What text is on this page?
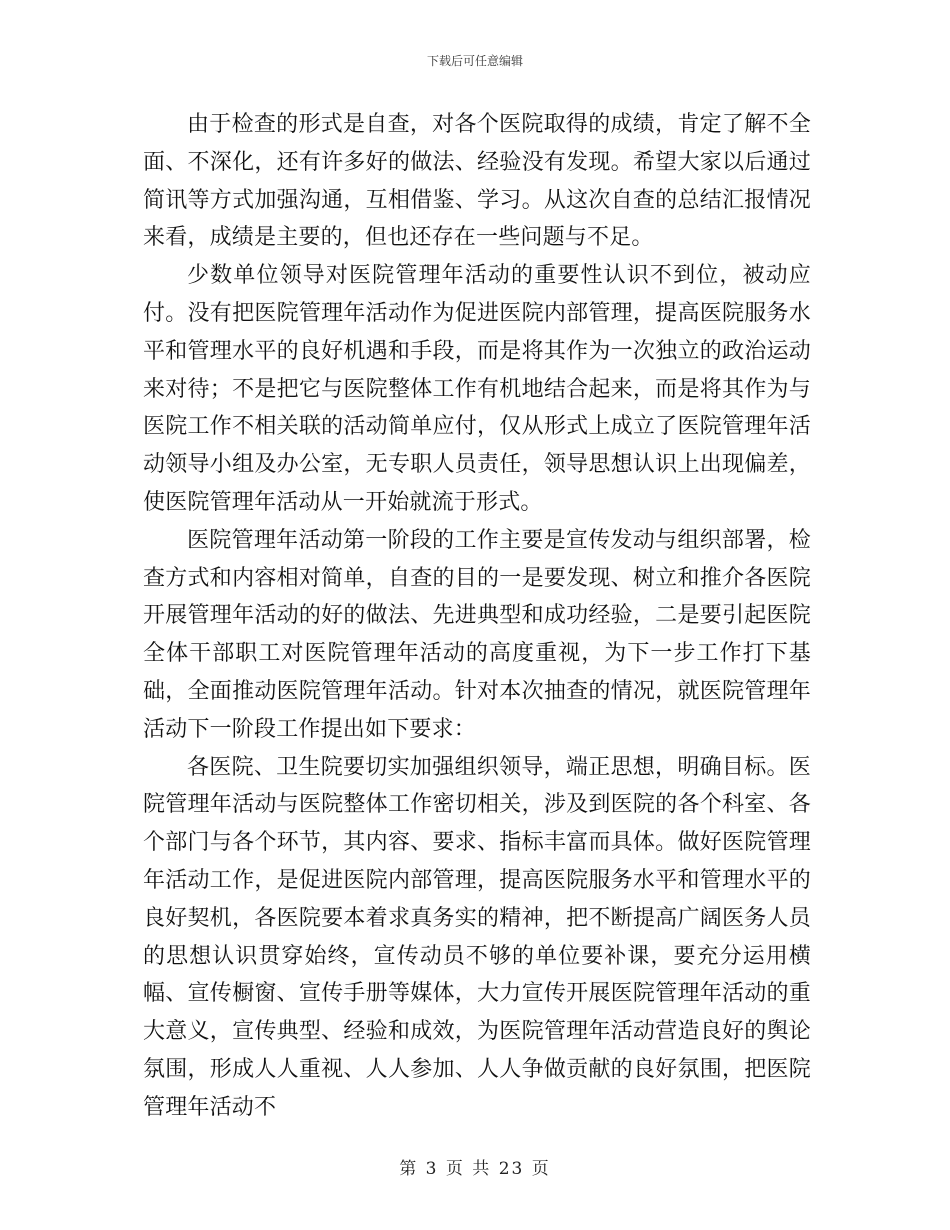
下载后可任意编辑

由于检查的形式是自查，对各个医院取得的成绩，肯定了解不全面、不深化，还有许多好的做法、经验没有发现。希望大家以后通过简讯等方式加强沟通，互相借鉴、学习。从这次自查的总结汇报情况来看，成绩是主要的，但也还存在一些问题与不足。

少数单位领导对医院管理年活动的重要性认识不到位，被动应付。没有把医院管理年活动作为促进医院内部管理，提高医院服务水平和管理水平的良好机遇和手段，而是将其作为一次独立的政治运动来对待；不是把它与医院整体工作有机地结合起来，而是将其作为与医院工作不相关联的活动简单应付，仅从形式上成立了医院管理年活动领导小组及办公室，无专职人员责任，领导思想认识上出现偏差，使医院管理年活动从一开始就流于形式。

医院管理年活动第一阶段的工作主要是宣传发动与组织部署，检查方式和内容相对简单，自查的目的一是要发现、树立和推介各医院开展管理年活动的好的做法、先进典型和成功经验，二是要引起医院全体干部职工对医院管理年活动的高度重视，为下一步工作打下基础，全面推动医院管理年活动。针对本次抽查的情况，就医院管理年活动下一阶段工作提出如下要求：

各医院、卫生院要切实加强组织领导，端正思想，明确目标。医院管理年活动与医院整体工作密切相关，涉及到医院的各个科室、各个部门与各个环节，其内容、要求、指标丰富而具体。做好医院管理年活动工作，是促进医院内部管理，提高医院服务水平和管理水平的良好契机，各医院要本着求真务实的精神，把不断提高广阔医务人员的思想认识贯穿始终，宣传动员不够的单位要补课，要充分运用横幅、宣传橱窗、宣传手册等媒体，大力宣传开展医院管理年活动的重大意义，宣传典型、经验和成效，为医院管理年活动营造良好的舆论氛围，形成人人重视、人人参加、人人争做贡献的良好氛围，把医院管理年活动不

第 3 页 共 23 页
